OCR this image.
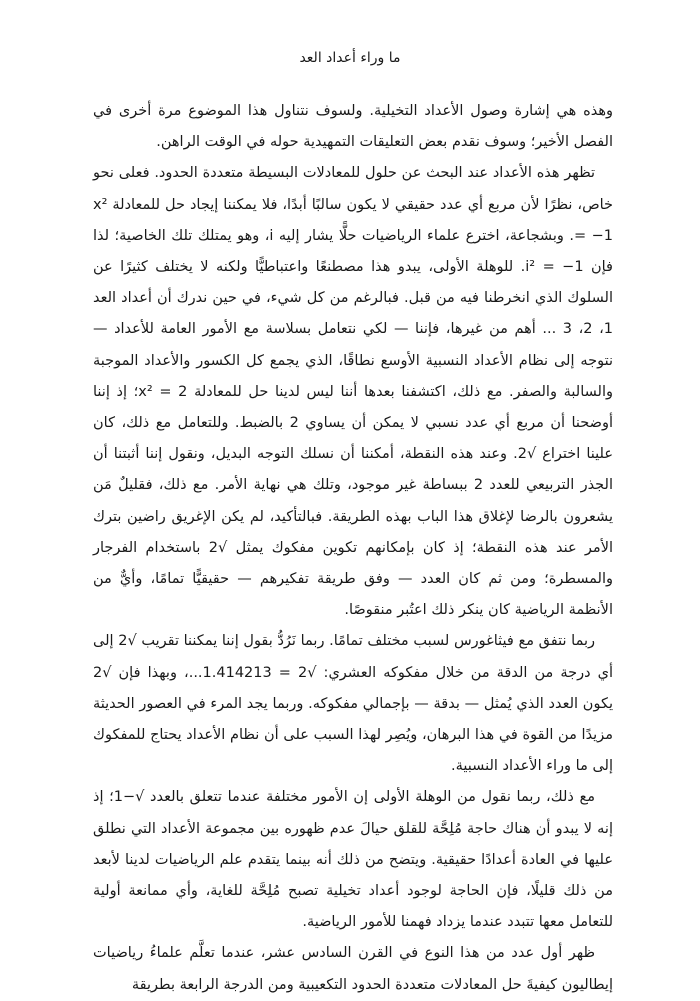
ما وراء أعداد العد

وهذه هي إشارة وصول الأعداد التخيلية. ولسوف نتناول هذا الموضوع مرة أخرى في الفصل الأخير؛ وسوف نقدم بعض التعليقات التمهيدية حوله في الوقت الراهن.

تظهر هذه الأعداد عند البحث عن حلول للمعادلات البسيطة متعددة الحدود. فعلى نحو خاص، نظرًا لأن مربع أي عدد حقيقي لا يكون سالبًا أبدًا، فلا يمكننا إيجاد حل للمعادلة x² = −1. وبشجاعة، اخترع علماء الرياضيات حلًّا يشار إليه i، وهو يمتلك تلك الخاصية؛ لذا فإن i² = −1. للوهلة الأولى، يبدو هذا مصطنعًا واعتباطيًّا ولكنه لا يختلف كثيرًا عن السلوك الذي انخرطنا فيه من قبل. فبالرغم من كل شيء، في حين ندرك أن أعداد العد 1، 2، 3 ... أهم من غيرها، فإننا — لكي نتعامل بسلاسة مع الأمور العامة للأعداد — نتوجه إلى نظام الأعداد النسبية الأوسع نطاقًا، الذي يجمع كل الكسور والأعداد الموجبة والسالبة والصفر. مع ذلك، اكتشفنا بعدها أننا ليس لدينا حل للمعادلة x² = 2؛ إذ إننا أوضحنا أن مربع أي عدد نسبي لا يمكن أن يساوي 2 بالضبط. وللتعامل مع ذلك، كان علينا اختراع √2. وعند هذه النقطة، أمكننا أن نسلك التوجه البديل، ونقول إننا أثبتنا أن الجذر التربيعي للعدد 2 ببساطة غير موجود، وتلك هي نهاية الأمر. مع ذلك، فقليلٌ مَن يشعرون بالرضا لإغلاق هذا الباب بهذه الطريقة. فبالتأكيد، لم يكن الإغريق راضين بترك الأمر عند هذه النقطة؛ إذ كان بإمكانهم تكوين مفكوك يمثل √2 باستخدام الفرجار والمسطرة؛ ومن ثم كان العدد — وفق طريقة تفكيرهم — حقيقيًّا تمامًا، وأيٌّ من الأنظمة الرياضية كان ينكر ذلك اعتُبر منقوصًا.

ربما نتفق مع فيثاغورس لسبب مختلف تمامًا. ربما نَرُدُّ بقول إننا يمكننا تقريب √2 إلى أي درجة من الدقة من خلال مفكوكه العشري: √2 = 1.414213...، وبهذا فإن √2 يكون العدد الذي يُمثل — بدقة — بإجمالي مفكوكه. وربما يجد المرء في العصور الحديثة مزيدًا من القوة في هذا البرهان، ويُصِر لهذا السبب على أن نظام الأعداد يحتاج للمفكوك إلى ما وراء الأعداد النسبية.

مع ذلك، ربما نقول من الوهلة الأولى إن الأمور مختلفة عندما تتعلق بالعدد √−1؛ إذ إنه لا يبدو أن هناك حاجة مُلِحَّة للقلق حيالَ عدم ظهوره بين مجموعة الأعداد التي نطلق عليها في العادة أعدادًا حقيقية. ويتضح من ذلك أنه بينما يتقدم علم الرياضيات لدينا لأبعد من ذلك قليلًا، فإن الحاجة لوجود أعداد تخيلية تصبح مُلِحَّة للغاية، وأي ممانعة أولية للتعامل معها تتبدد عندما يزداد فهمنا للأمور الرياضية.

ظهر أول عدد من هذا النوع في القرن السادس عشر، عندما تعلَّم علماءُ رياضيات إيطاليون كيفيةَ حل المعادلات متعددة الحدود التكعيبية ومن الدرجة الرابعة بطريقة
